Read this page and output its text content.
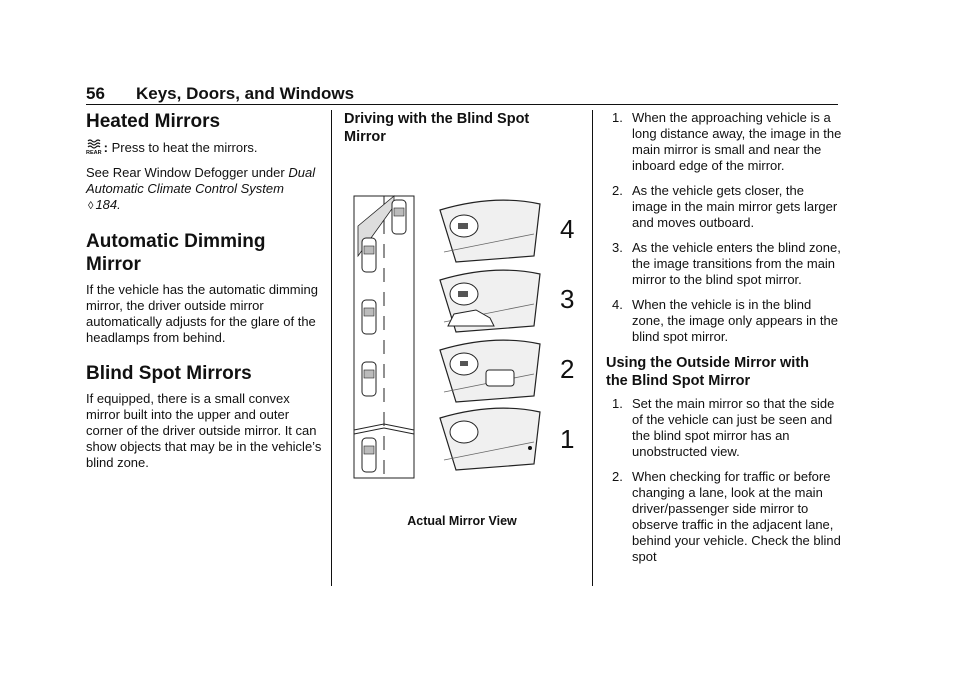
56 Keys, Doors, and Windows
Heated Mirrors

REAR : Press to heat the mirrors.

See Rear Window Defogger under Dual Automatic Climate Control System ◊ 184.

Automatic Dimming
Mirror

If the vehicle has the automatic dimming mirror, the driver outside mirror automatically adjusts for the glare of the headlamps from behind.

Blind Spot Mirrors

If equipped, there is a small convex mirror built into the upper and outer corner of the driver outside mirror. It can show objects that may be in the vehicle’s blind zone.

Driving with the Blind Spot
Mirror
4
3
2
1
Actual Mirror View
1. When the approaching vehicle is a long distance away, the image in the main mirror is small and near the inboard edge of the mirror.
2. As the vehicle gets closer, the image in the main mirror gets larger and moves outboard.
3. As the vehicle enters the blind zone, the image transitions from the main mirror to the blind spot mirror.
4. When the vehicle is in the blind zone, the image only appears in the blind spot mirror.
Using the Outside Mirror with
the Blind Spot Mirror
1. Set the main mirror so that the side of the vehicle can just be seen and the blind spot mirror has an unobstructed view.
2. When checking for traffic or before changing a lane, look at the main driver/passenger side mirror to observe traffic in the adjacent lane, behind your vehicle. Check the blind spot
